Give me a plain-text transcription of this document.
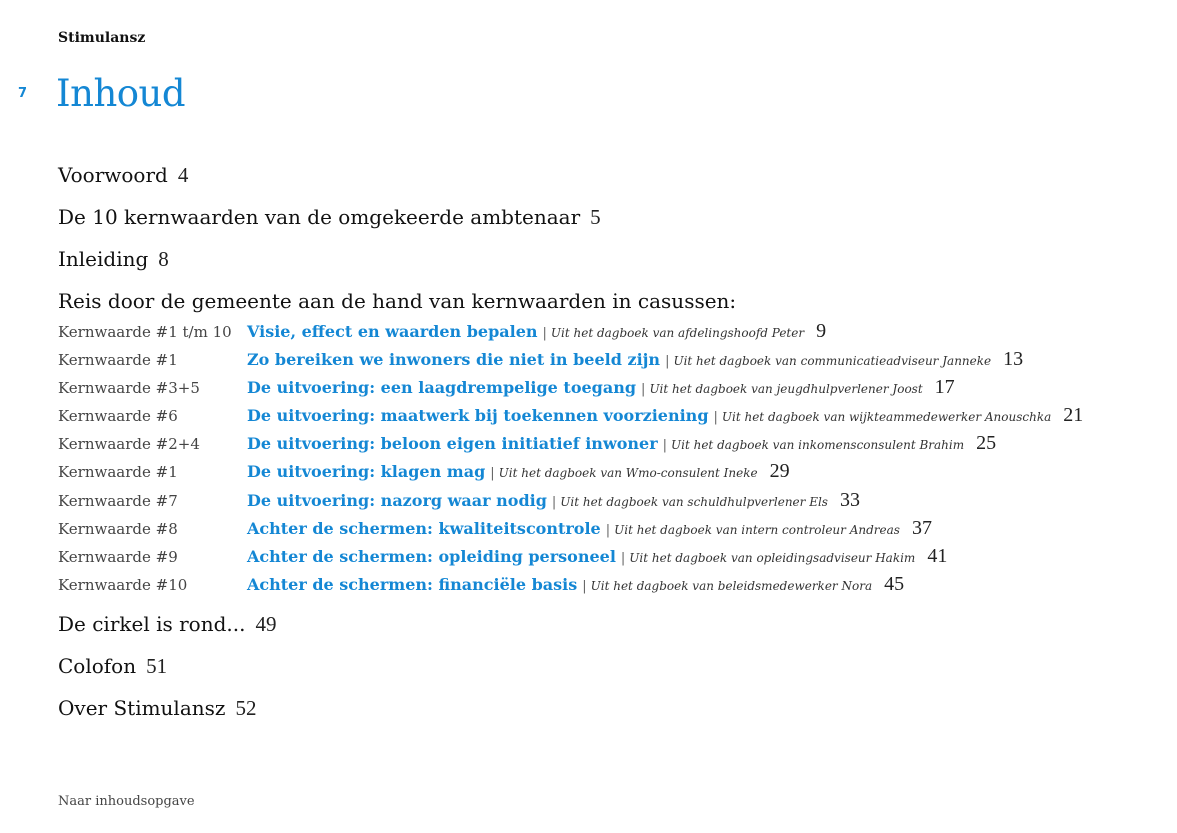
Stimulansz
7 Inhoud
Voorwoord 4
De 10 kernwaarden van de omgekeerde ambtenaar 5
Inleiding 8
Reis door de gemeente aan de hand van kernwaarden in casussen:
Kernwaarde #1 t/m 10 Visie, effect en waarden bepalen | Uit het dagboek van afdelingshoofd Peter 9
Kernwaarde #1	Zo bereiken we inwoners die niet in beeld zijn | Uit het dagboek van communicatieadviseur Janneke 13
Kernwaarde #3+5	De uitvoering: een laagdrempelige toegang | Uit het dagboek van jeugdhulpverlener Joost 17
Kernwaarde #6	De uitvoering: maatwerk bij toekennen voorziening | Uit het dagboek van wijkteammedewerker Anouschka 21
Kernwaarde #2+4	De uitvoering: beloon eigen initiatief inwoner | Uit het dagboek van inkomensconsulent Brahim 25
Kernwaarde #1	De uitvoering: klagen mag | Uit het dagboek van Wmo-consulent Ineke 29
Kernwaarde #7	De uitvoering: nazorg waar nodig | Uit het dagboek van schuldhulpverlener Els 33
Kernwaarde #8	Achter de schermen: kwaliteitscontrole | Uit het dagboek van intern controleur Andreas 37
Kernwaarde #9	Achter de schermen: opleiding personeel | Uit het dagboek van opleidingsadviseur Hakim 41
Kernwaarde #10	Achter de schermen: financiële basis | Uit het dagboek van beleidsmedewerker Nora 45
De cirkel is rond... 49
Colofon 51
Over Stimulansz 52
Naar inhoudsopgave
